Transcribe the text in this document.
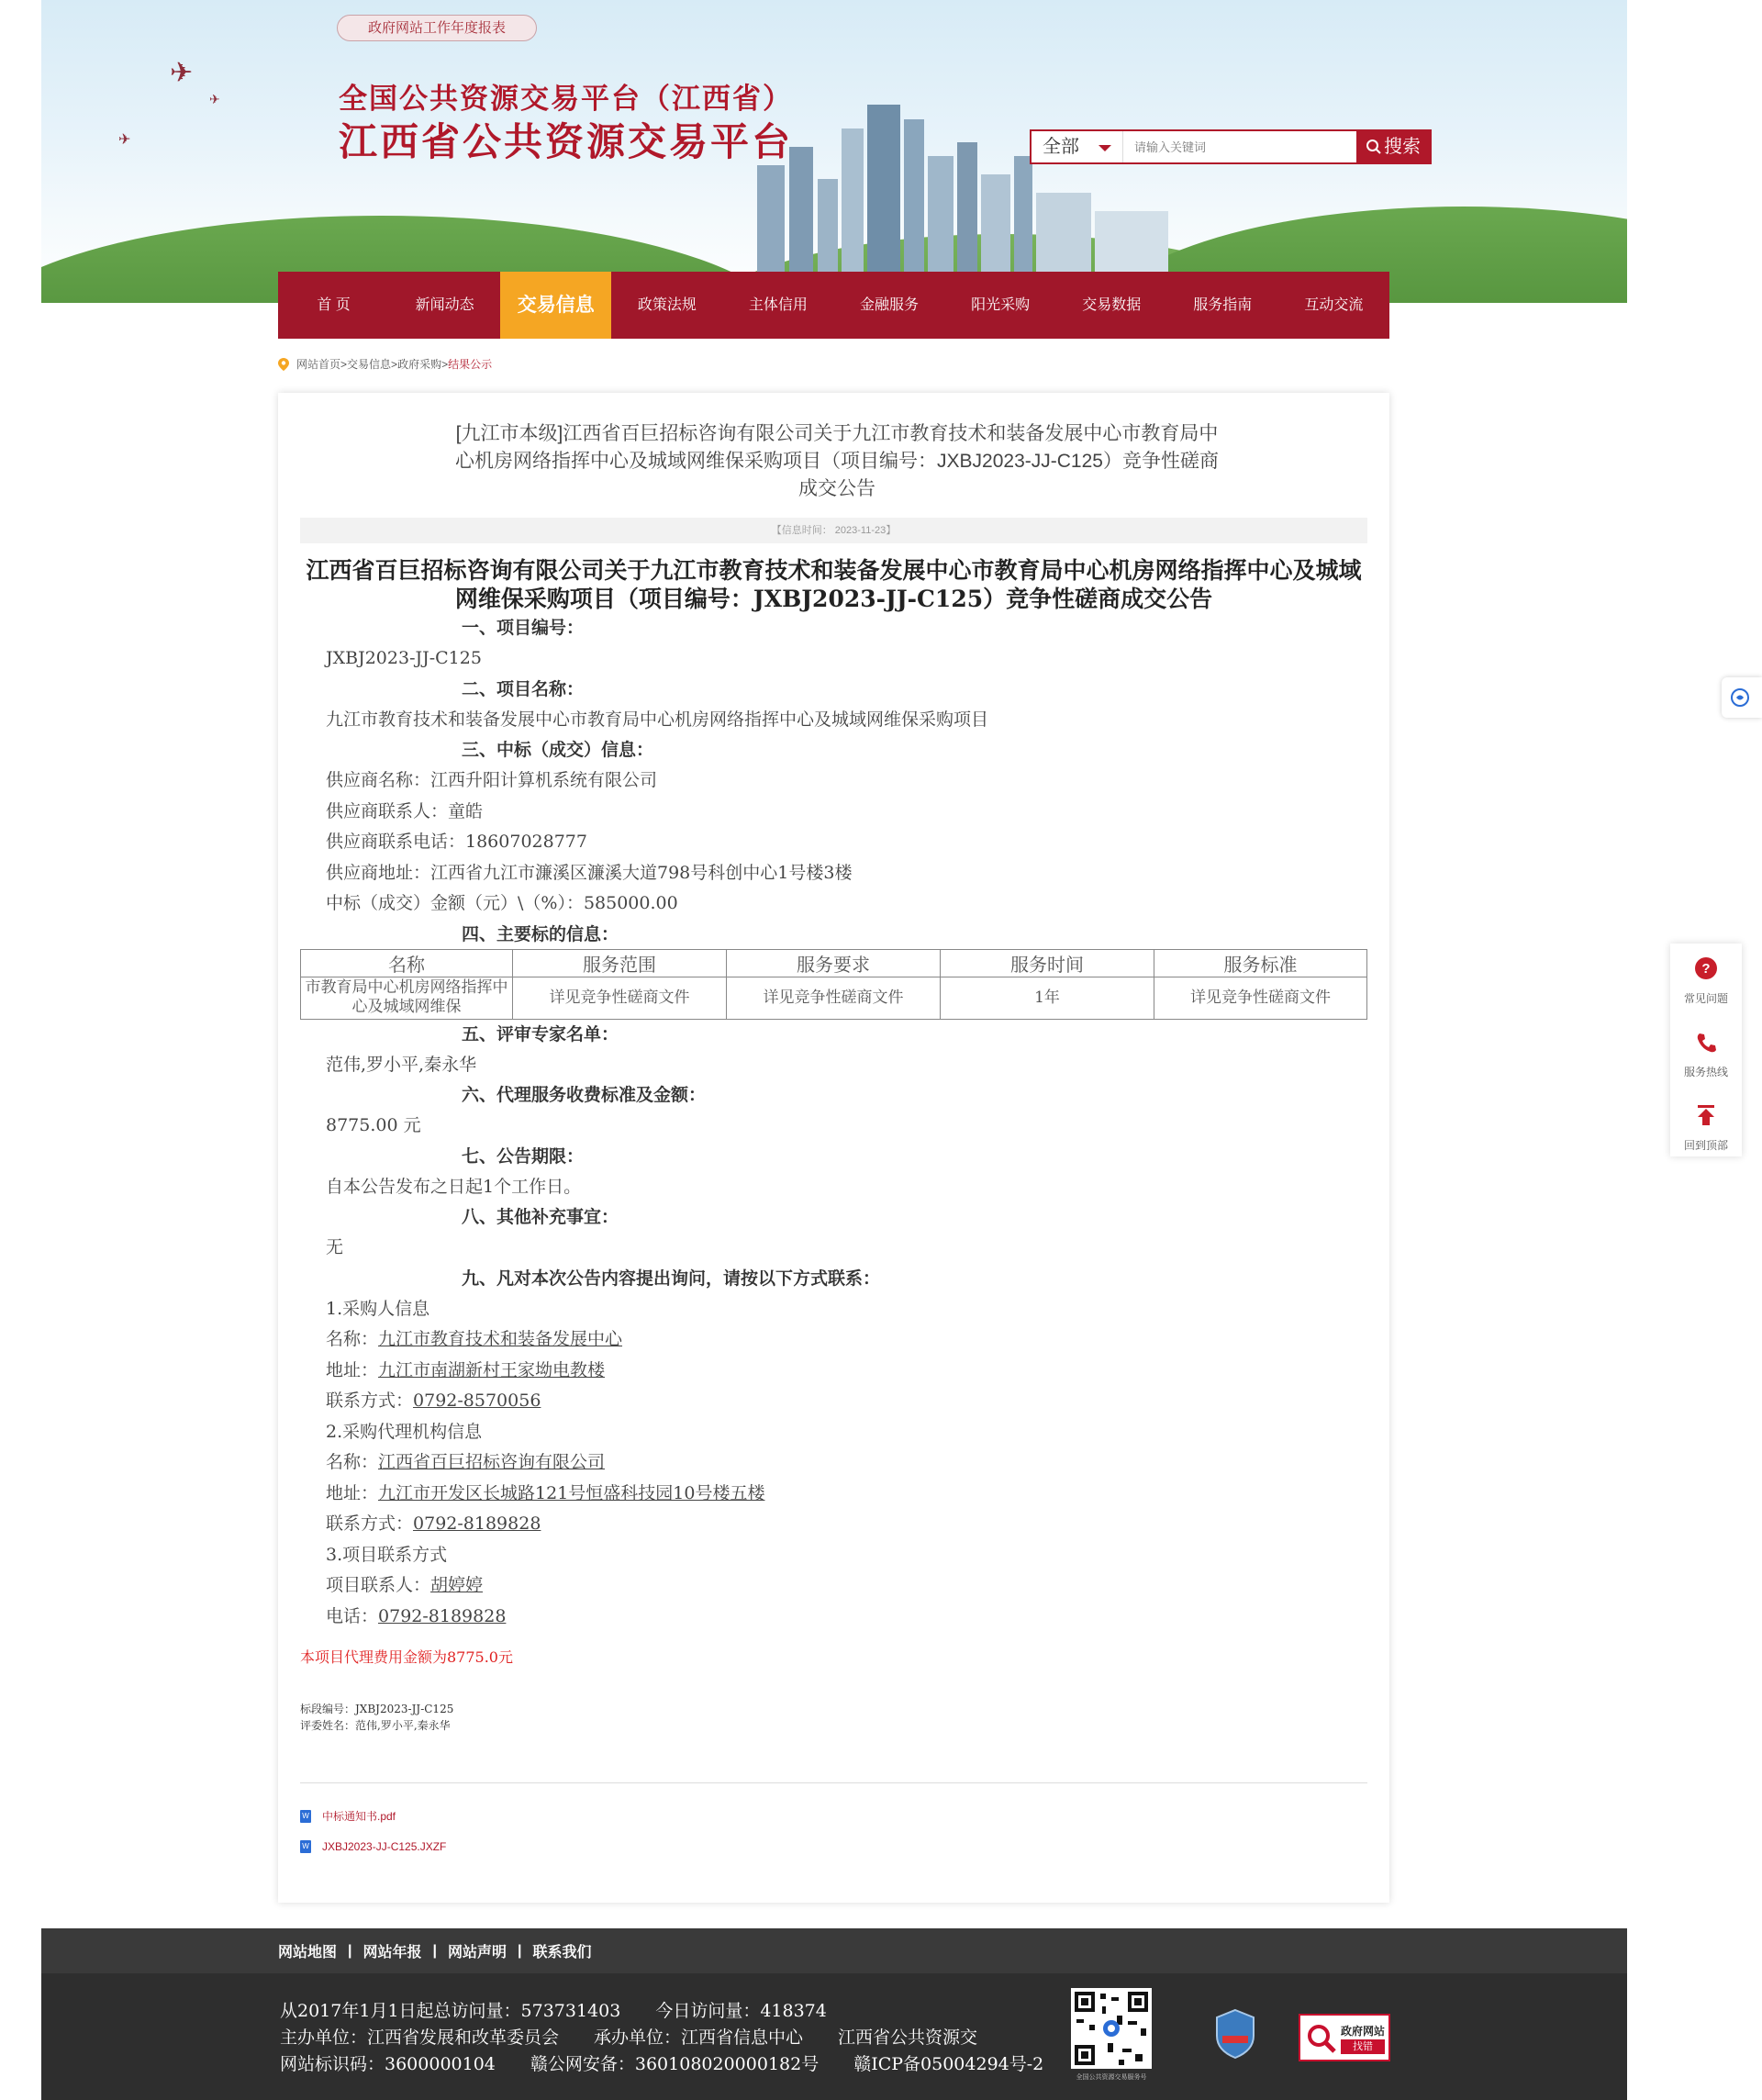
✈
✈
✈
政府网站工作年度报表
全国公共资源交易平台（江西省）
江西省公共资源交易平台	全部
请输入关键词	搜索
首 页	新闻动态	交易信息	政策法规	主体信用	金融服务	阳光采购	交易数据	服务指南	互动交流
网站首页 > 交易信息 > 政府采购 > 结果公示
[九江市本级]江西省百巨招标咨询有限公司关于九江市教育技术和装备发展中心市教育局中心机房网络指挥中心及城域网维保采购项目（项目编号：JXBJ2023-JJ-C125）竞争性磋商成交公告
【信息时间： 2023-11-23】
江西省百巨招标咨询有限公司关于九江市教育技术和装备发展中心市教育局中心机房网络指挥中心及城域网维保采购项目（项目编号：JXBJ2023-JJ-C125）竞争性磋商成交公告
一、项目编号：
JXBJ2023-JJ-C125
二、项目名称：
九江市教育技术和装备发展中心市教育局中心机房网络指挥中心及城域网维保采购项目
三、中标（成交）信息：
供应商名称：江西升阳计算机系统有限公司
供应商联系人：童皓
供应商联系电话：18607028777
供应商地址：江西省九江市濂溪区濂溪大道798号科创中心1号楼3楼
中标（成交）金额（元）\（%）：585000.00
四、主要标的信息：
名称	服务范围	服务要求	服务时间	服务标准
市教育局中心机房网络指挥中心及城域网维保	详见竞争性磋商文件	详见竞争性磋商文件	1年	详见竞争性磋商文件
五、评审专家名单：
范伟,罗小平,秦永华
六、代理服务收费标准及金额：
8775.00 元
七、公告期限：
自本公告发布之日起1个工作日。
八、其他补充事宜：
无
九、凡对本次公告内容提出询问，请按以下方式联系：
1.采购人信息
名称：九江市教育技术和装备发展中心
地址：九江市南湖新村王家坳电教楼
联系方式：0792-8570056
2.采购代理机构信息
名称：江西省百巨招标咨询有限公司
地址：九江市开发区长城路121号恒盛科技园10号楼五楼
联系方式：0792-8189828
3.项目联系方式
项目联系人：胡婷婷
电话：0792-8189828
本项目代理费用金额为8775.0元
标段编号：JXBJ2023-JJ-C125
评委姓名：范伟,罗小平,秦永华
W 中标通知书.pdf
W JXBJ2023-JJ-C125.JXZF
?
常见问题
服务热线
回到顶部
网站地图 | 网站年报 | 网站声明 | 联系我们
从2017年1月1日起总访问量：573731403　　今日访问量：418374
主办单位：江西省发展和改革委员会　　承办单位：江西省信息中心　　江西省公共资源交
网站标识码：3600000104　　赣公网安备：360108020000182号　　赣ICP备05004294号-2
全国公共资源交易服务号
政府网站
找错
